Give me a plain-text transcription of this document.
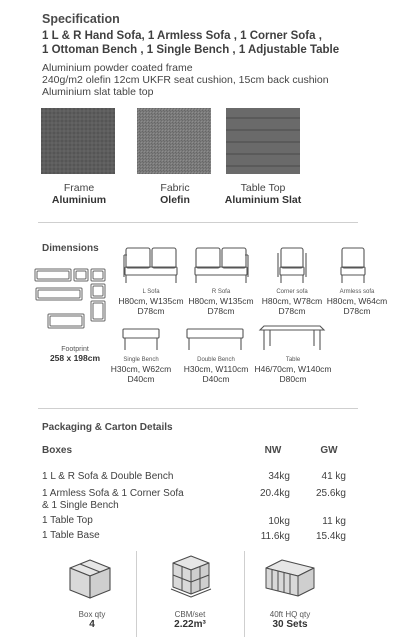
Specification
1 L & R Hand Sofa, 1 Armless Sofa , 1 Corner Sofa ,
1 Ottoman Bench , 1 Single Bench , 1 Adjustable Table
Aluminium powder coated frame
240g/m2 olefin 12cm UKFR seat cushion, 15cm back cushion
Aluminium slat table top
Frame
Aluminium
Fabric
Olefin
Table Top
Aluminium Slat
Dimensions
Footprint
258 x 198cm
L Sofa
H80cm, W135cm
D78cm
R Sofa
H80cm, W135cm
D78cm
Corner sofa
H80cm, W78cm
D78cm
Armless sofa
H80cm, W64cm
D78cm
Single Bench
H30cm, W62cm
D40cm
Double Bench
H30cm, W110cm
D40cm
Table
H46/70cm, W140cm
D80cm
Packaging & Carton Details
Boxes	NW	GW
1 L & R Sofa & Double Bench	34kg	41 kg
1 Armless Sofa & 1 Corner Sofa
& 1 Single Bench
20.4kg	25.6kg
1 Table Top	10kg	11 kg
1 Table Base	11.6kg	15.4kg
Box qty
4
CBM/set
2.22m³
40ft HQ qty
30 Sets
